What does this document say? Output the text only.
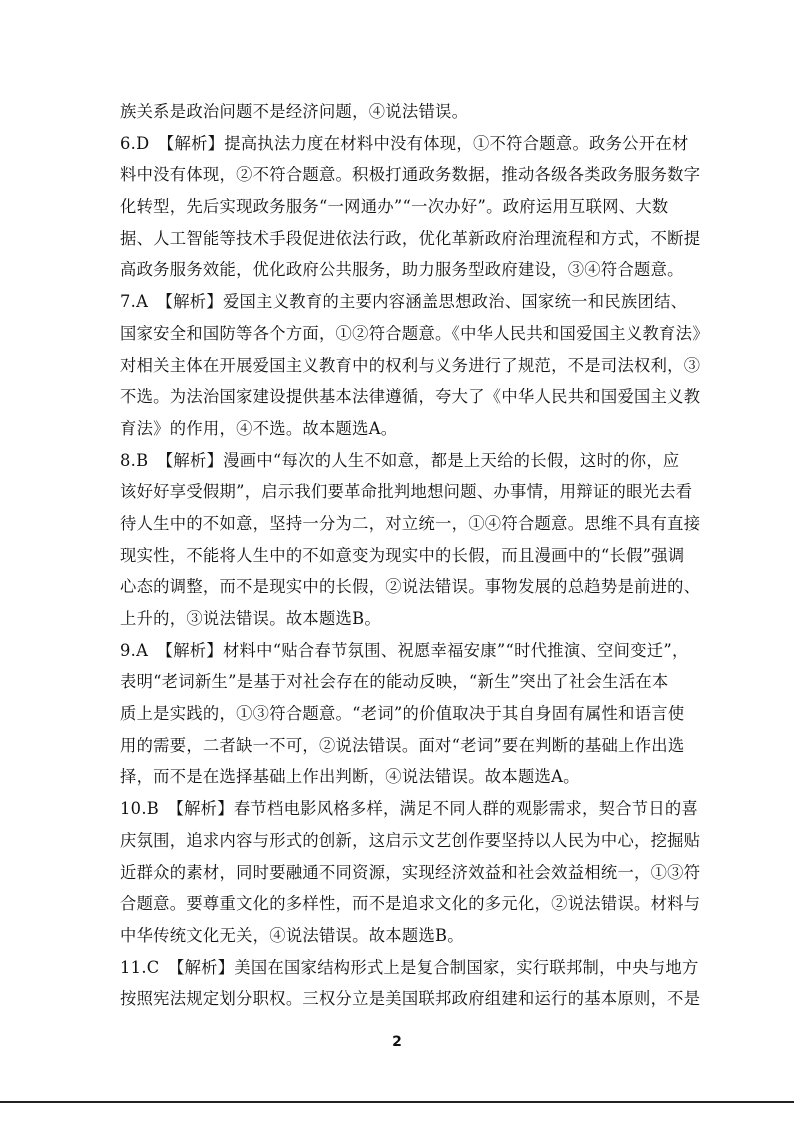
族关系是政治问题不是经济问题，④说法错误。
6.D　【解析】提高执法力度在材料中没有体现，①不符合题意。政务公开在材
料中没有体现，②不符合题意。积极打通政务数据，推动各级各类政务服务数字
化转型，先后实现政务服务“一网通办”“一次办好”。政府运用互联网、大数
据、人工智能等技术手段促进依法行政，优化革新政府治理流程和方式，不断提
高政务服务效能，优化政府公共服务，助力服务型政府建设，③④符合题意。
7.A　【解析】爱国主义教育的主要内容涵盖思想政治、国家统一和民族团结、
国家安全和国防等各个方面，①②符合题意。《中华人民共和国爱国主义教育法》
对相关主体在开展爱国主义教育中的权利与义务进行了规范，不是司法权利，③
不选。为法治国家建设提供基本法律遵循，夸大了《中华人民共和国爱国主义教
育法》的作用，④不选。故本题选A。
8.B　【解析】漫画中“每次的人生不如意，都是上天给的长假，这时的你，应
该好好享受假期”，启示我们要革命批判地想问题、办事情，用辩证的眼光去看
待人生中的不如意，坚持一分为二，对立统一，①④符合题意。思维不具有直接
现实性，不能将人生中的不如意变为现实中的长假，而且漫画中的“长假”强调
心态的调整，而不是现实中的长假，②说法错误。事物发展的总趋势是前进的、
上升的，③说法错误。故本题选B。
9.A　【解析】材料中“贴合春节氛围、祝愿幸福安康”“时代推演、空间变迁”，
表明“老词新生”是基于对社会存在的能动反映，“新生”突出了社会生活在本
质上是实践的，①③符合题意。“老词”的价值取决于其自身固有属性和语言使
用的需要，二者缺一不可，②说法错误。面对“老词”要在判断的基础上作出选
择，而不是在选择基础上作出判断，④说法错误。故本题选A。
10.B　【解析】春节档电影风格多样，满足不同人群的观影需求，契合节日的喜
庆氛围，追求内容与形式的创新，这启示文艺创作要坚持以人民为中心，挖掘贴
近群众的素材，同时要融通不同资源，实现经济效益和社会效益相统一，①③符
合题意。要尊重文化的多样性，而不是追求文化的多元化，②说法错误。材料与
中华传统文化无关，④说法错误。故本题选B。
11.C　【解析】美国在国家结构形式上是复合制国家，实行联邦制，中央与地方
按照宪法规定划分职权。三权分立是美国联邦政府组建和运行的基本原则，不是
2
